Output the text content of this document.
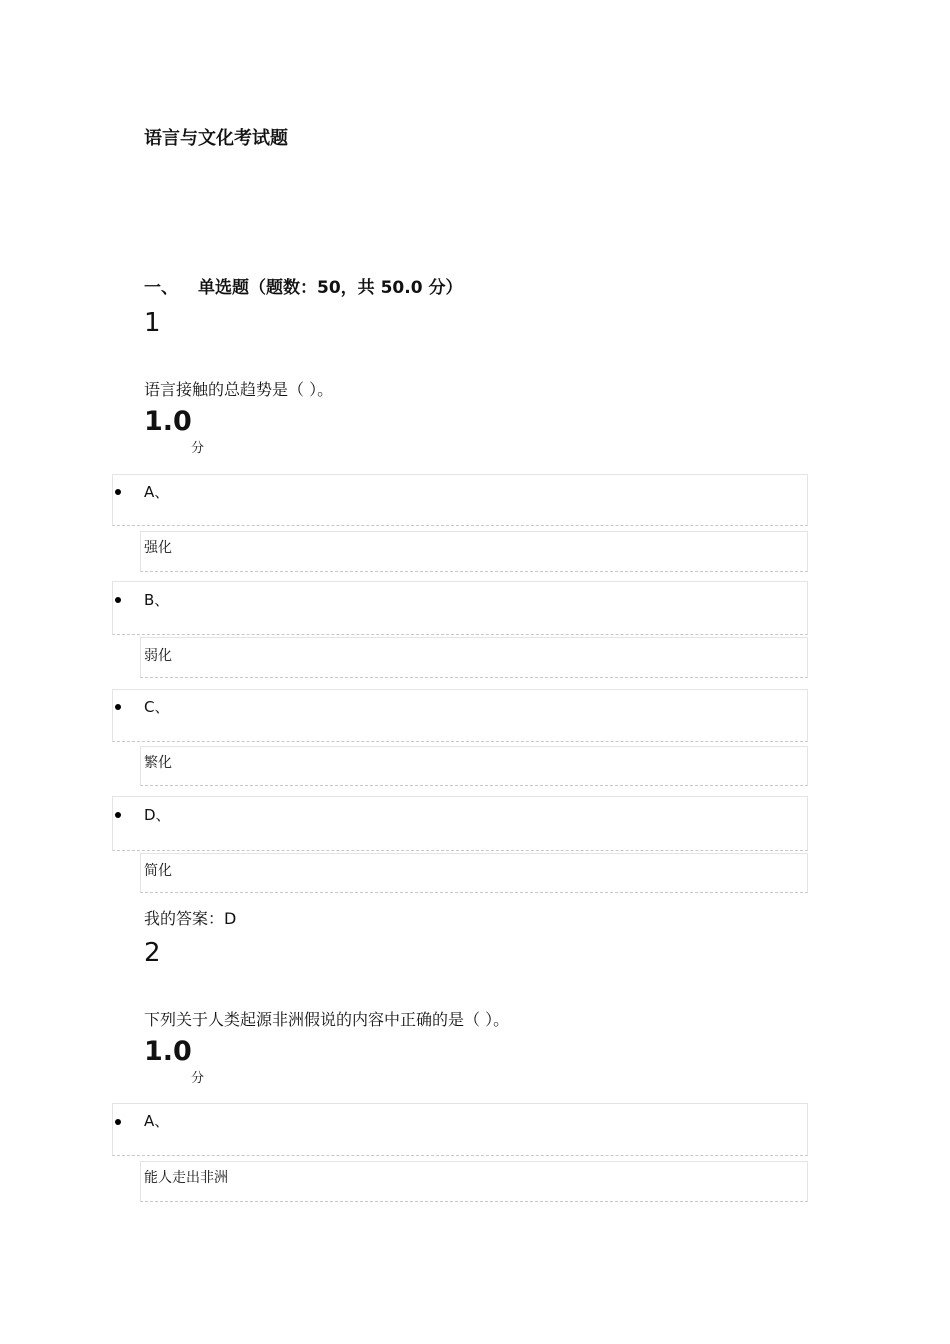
语言与文化考试题
一、 单选题（题数：50，共 50.0 分）
1
语言接触的总趋势是（ ）。
1.0
分
A、
强化
B、
弱化
C、
繁化
D、
简化
我的答案：D
2
下列关于人类起源非洲假说的内容中正确的是（ ）。
1.0
分
A、
能人走出非洲
